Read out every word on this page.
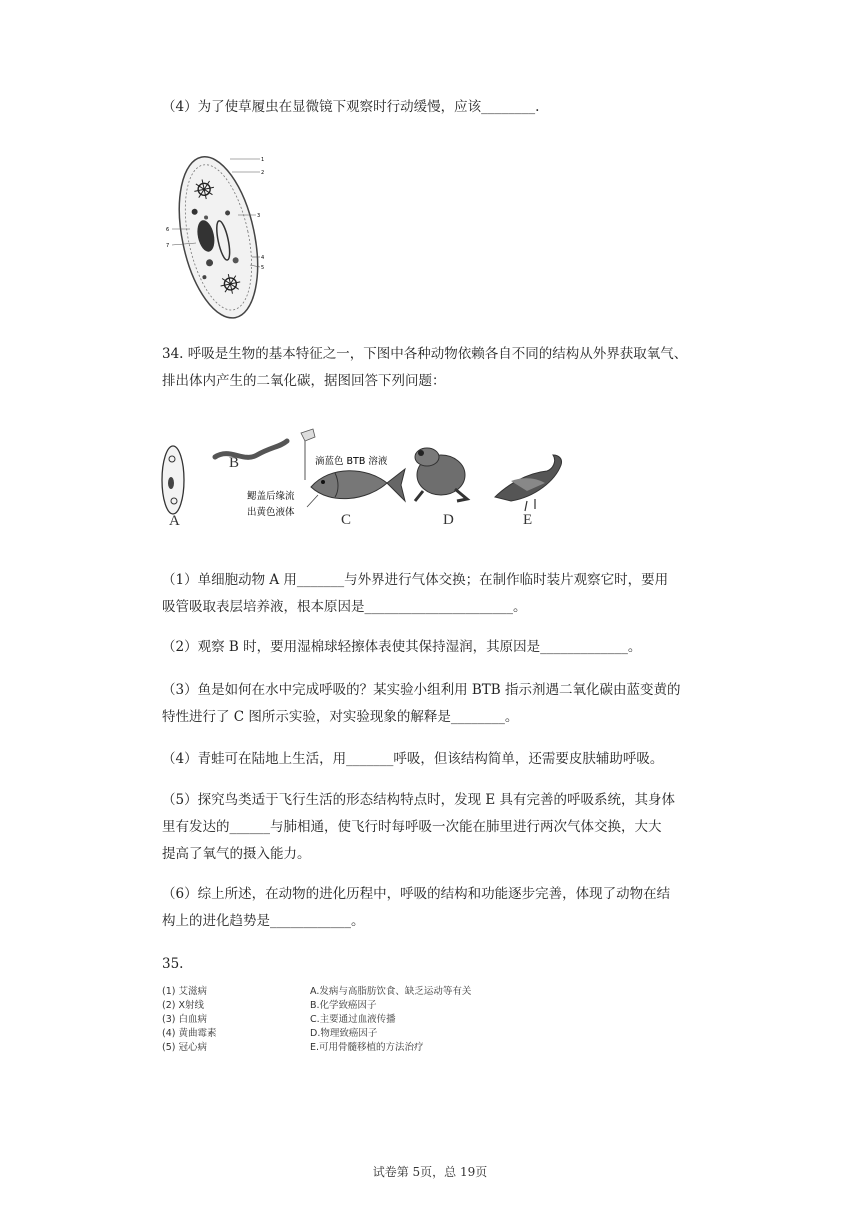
（4）为了使草履虫在显微镜下观察时行动缓慢，应该________.
1
2
3
4
5
6
7
34. 呼吸是生物的基本特征之一，下图中各种动物依赖各自不同的结构从外界获取氧气、
排出体内产生的二氧化碳，据图回答下列问题：
A
B	滴蓝色 BTB 溶液
鳃盖后缘流
出黄色液体	C	D	E
（1）单细胞动物 A 用_______与外界进行气体交换；在制作临时装片观察它时，要用
吸管吸取表层培养液，根本原因是______________________。
（2）观察 B 时，要用湿棉球轻擦体表使其保持湿润，其原因是_____________。
（3）鱼是如何在水中完成呼吸的？某实验小组利用 BTB 指示剂遇二氧化碳由蓝变黄的
特性进行了 C 图所示实验，对实验现象的解释是________。
（4）青蛙可在陆地上生活，用_______呼吸，但该结构简单，还需要皮肤辅助呼吸。
（5）探究鸟类适于飞行生活的形态结构特点时，发现 E 具有完善的呼吸系统，其身体
里有发达的______与肺相通，使飞行时每呼吸一次能在肺里进行两次气体交换，大大
提高了氧气的摄入能力。
（6）综上所述，在动物的进化历程中，呼吸的结构和功能逐步完善，体现了动物在结
构上的进化趋势是____________。
35.
(1) 艾滋病	A.发病与高脂肪饮食、缺乏运动等有关
(2) X射线	B.化学致癌因子
(3) 白血病	C.主要通过血液传播
(4) 黄曲霉素	D.物理致癌因子
(5) 冠心病	E.可用骨髓移植的方法治疗
试卷第 5页，总 19页
